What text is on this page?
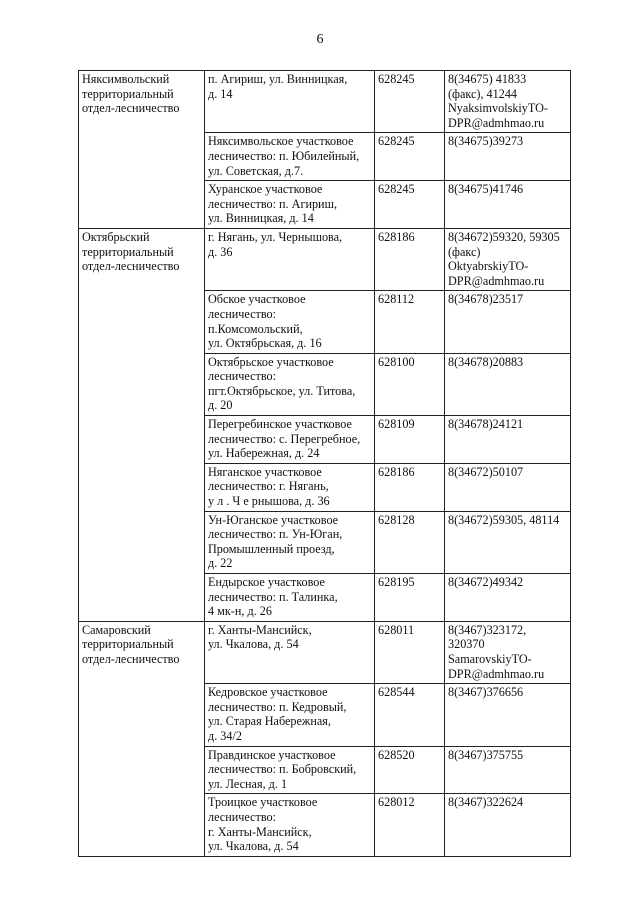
6
Няксимвольский
территориальный
отдел-лесничество	п. Агириш, ул. Винницкая,
д. 14	628245	8(34675) 41833
(факс), 41244
NyaksimvolskiyTO-
DPR@admhmao.ru
	Няксимвольское участковое
лесничество: п. Юбилейный,
ул. Советская, д.7.	628245	8(34675)39273
	Хуранское участковое
лесничество: п. Агириш,
ул. Винницкая, д. 14	628245	8(34675)41746
Октябрьский
территориальный
отдел-лесничество	г. Нягань, ул. Чернышова,
д. 36	628186	8(34672)59320, 59305
(факс)
OktyabrskiyTO-
DPR@admhmao.ru
	Обское участковое
лесничество:
п.Комсомольский,
ул. Октябрьская, д. 16	628112	8(34678)23517
	Октябрьское участковое
лесничество:
пгт.Октябрьское, ул. Титова,
д. 20	628100	8(34678)20883
	Перегребинское участковое
лесничество: с. Перегребное,
ул. Набережная, д. 24	628109	8(34678)24121
	Няганское участковое
лесничество: г. Нягань,
у л . Ч е рнышова, д. 36	628186	8(34672)50107
	Ун-Юганское участковое
лесничество: п. Ун-Юган,
Промышленный проезд,
д. 22	628128	8(34672)59305, 48114
	Ендырское участковое
лесничество: п. Талинка,
4 мк-н, д. 26	628195	8(34672)49342
Самаровский
территориальный
отдел-лесничество	г. Ханты-Мансийск,
ул. Чкалова, д. 54	628011	8(3467)323172,
320370
SamarovskiyTO-
DPR@admhmao.ru
	Кедровское участковое
лесничество: п. Кедровый,
ул. Старая Набережная,
д. 34/2	628544	8(3467)376656
	Правдинское участковое
лесничество: п. Бобровский,
ул. Лесная, д. 1	628520	8(3467)375755
	Троицкое участковое
лесничество:
г. Ханты-Мансийск,
ул. Чкалова, д. 54	628012	8(3467)322624
